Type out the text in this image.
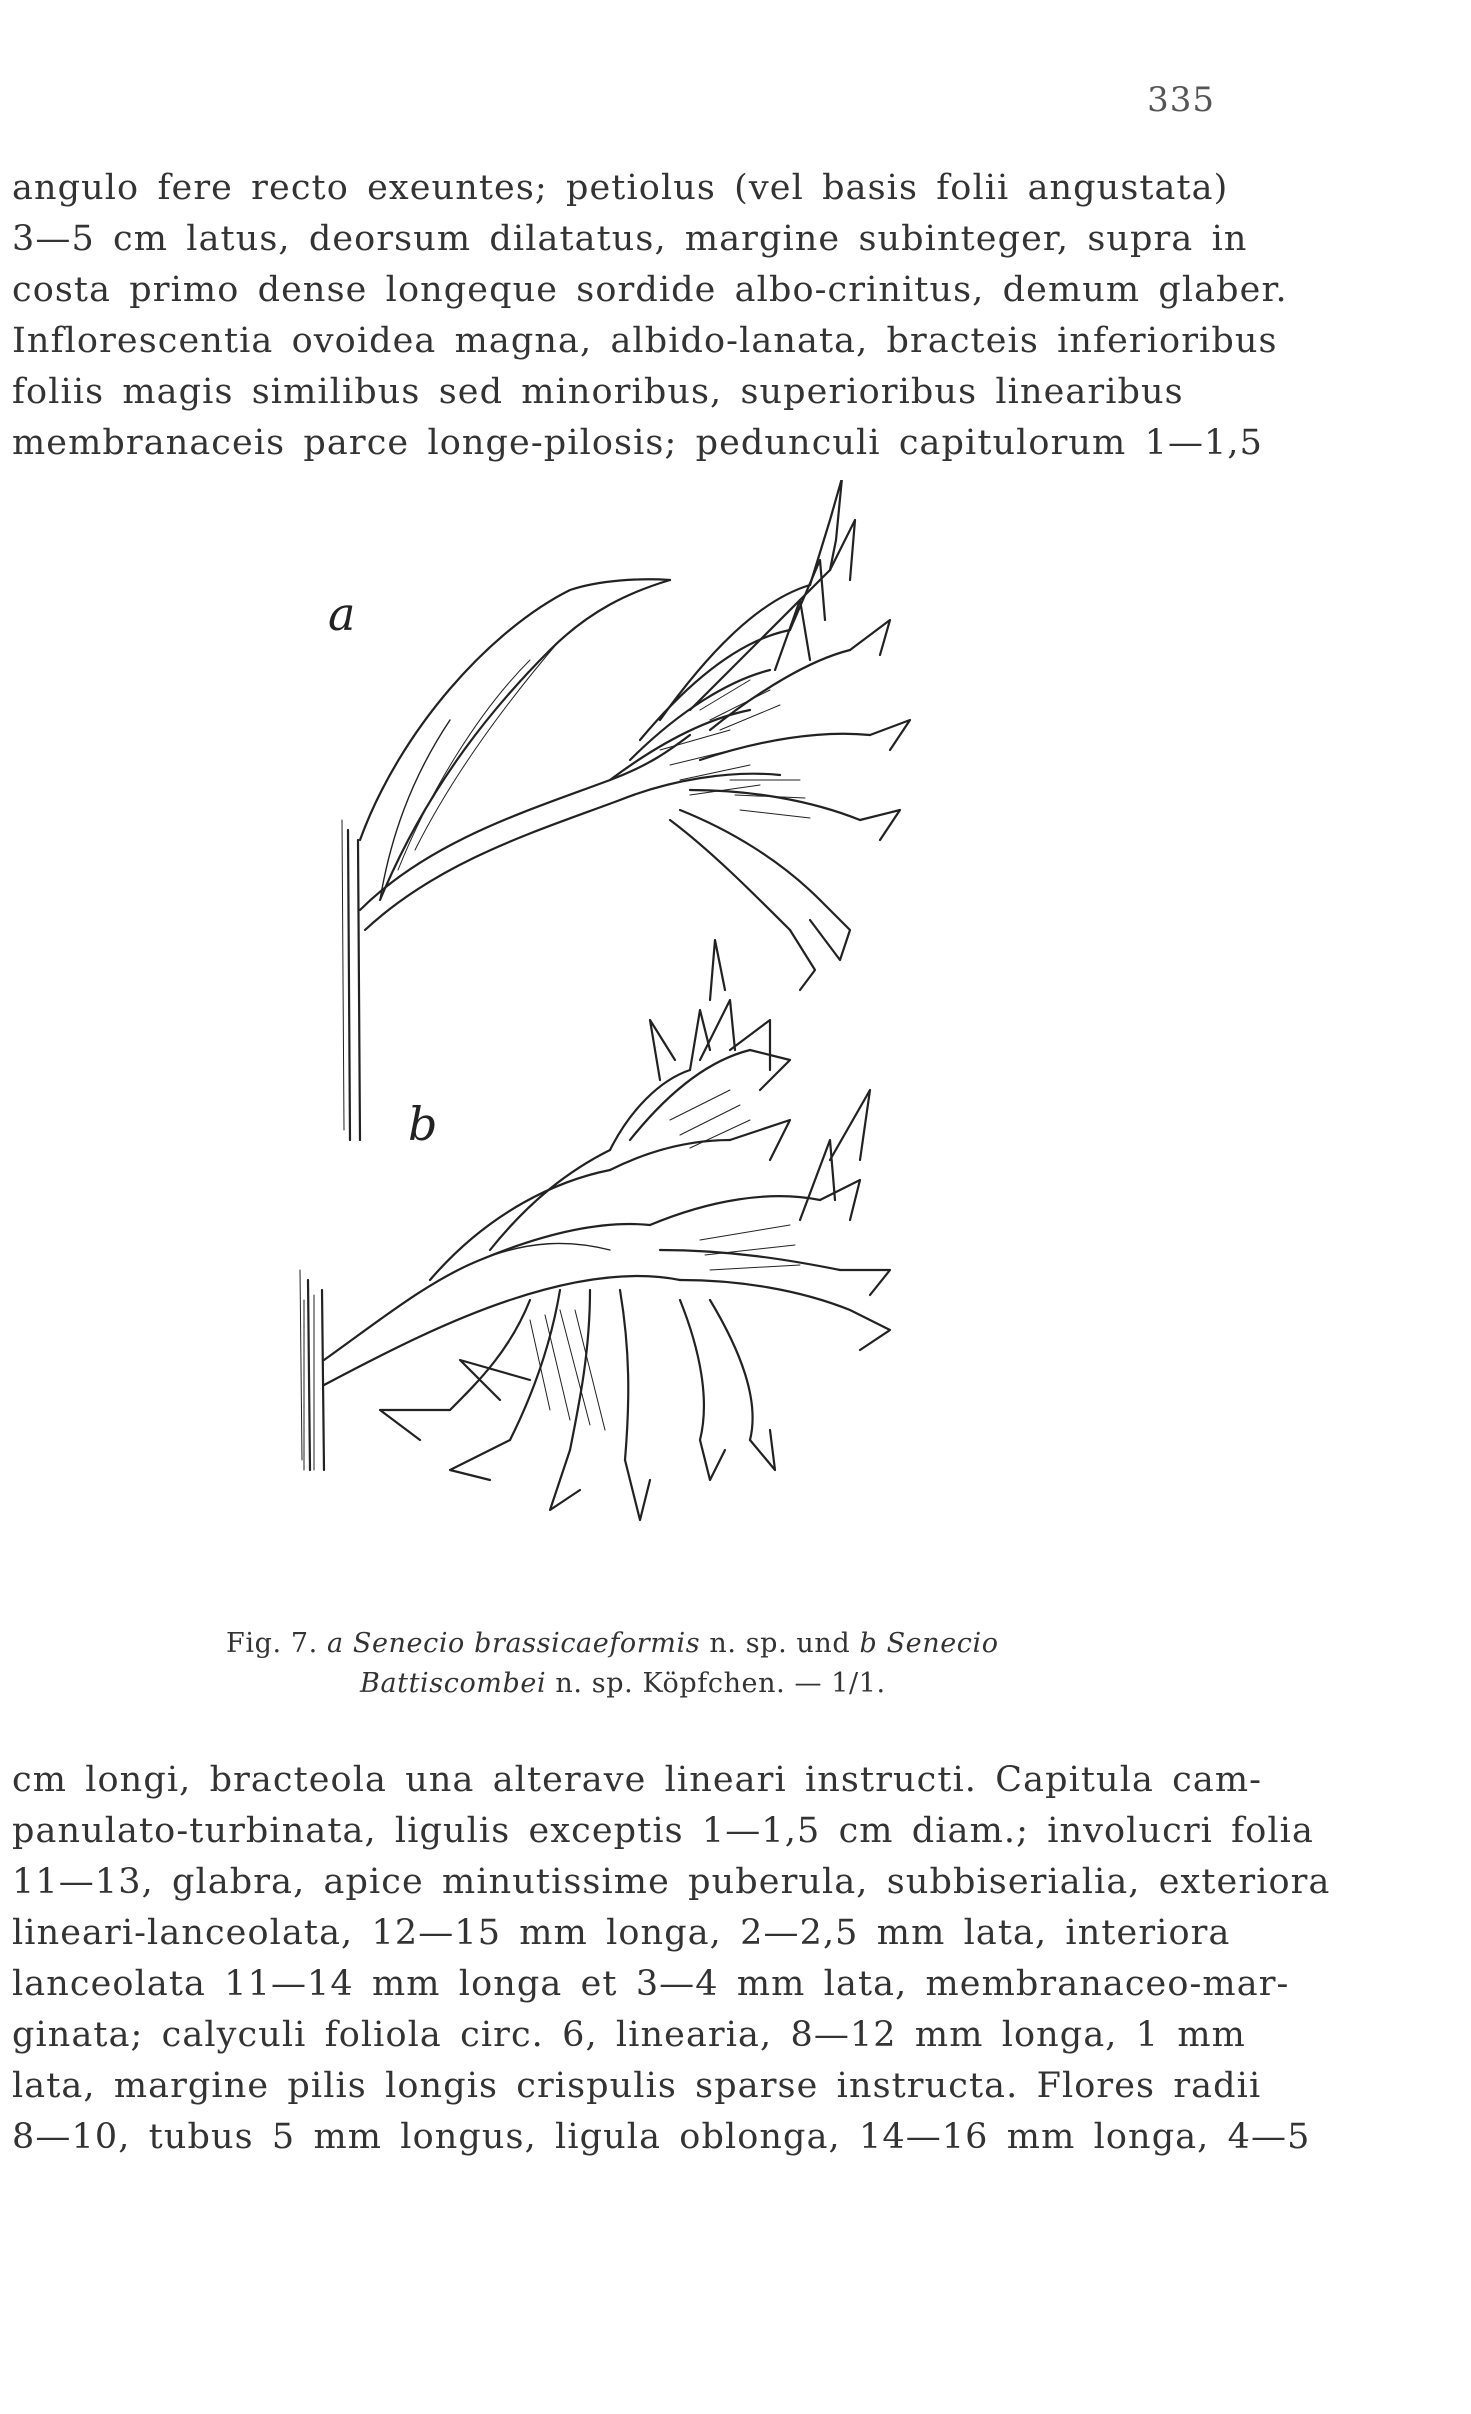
335
angulo fere recto exeuntes; petiolus (vel basis folii angustata)
3—5 cm latus, deorsum dilatatus, margine subinteger, supra in
costa primo dense longeque sordide albo-crinitus, demum glaber.
Inflorescentia ovoidea magna, albido-lanata, bracteis inferioribus
foliis magis similibus sed minoribus, superioribus linearibus
membranaceis parce longe-pilosis; pedunculi capitulorum 1—1,5
a
b
Fig. 7. a Senecio brassicaeformis n. sp. und b Senecio
Battiscombei n. sp. Köpfchen. — 1/1.
cm longi, bracteola una alterave lineari instructi. Capitula cam-
panulato-turbinata, ligulis exceptis 1—1,5 cm diam.; involucri folia
11—13, glabra, apice minutissime puberula, subbiserialia, exteriora
lineari-lanceolata, 12—15 mm longa, 2—2,5 mm lata, interiora
lanceolata 11—14 mm longa et 3—4 mm lata, membranaceo-mar-
ginata; calyculi foliola circ. 6, linearia, 8—12 mm longa, 1 mm
lata, margine pilis longis crispulis sparse instructa. Flores radii
8—10, tubus 5 mm longus, ligula oblonga, 14—16 mm longa, 4—5
